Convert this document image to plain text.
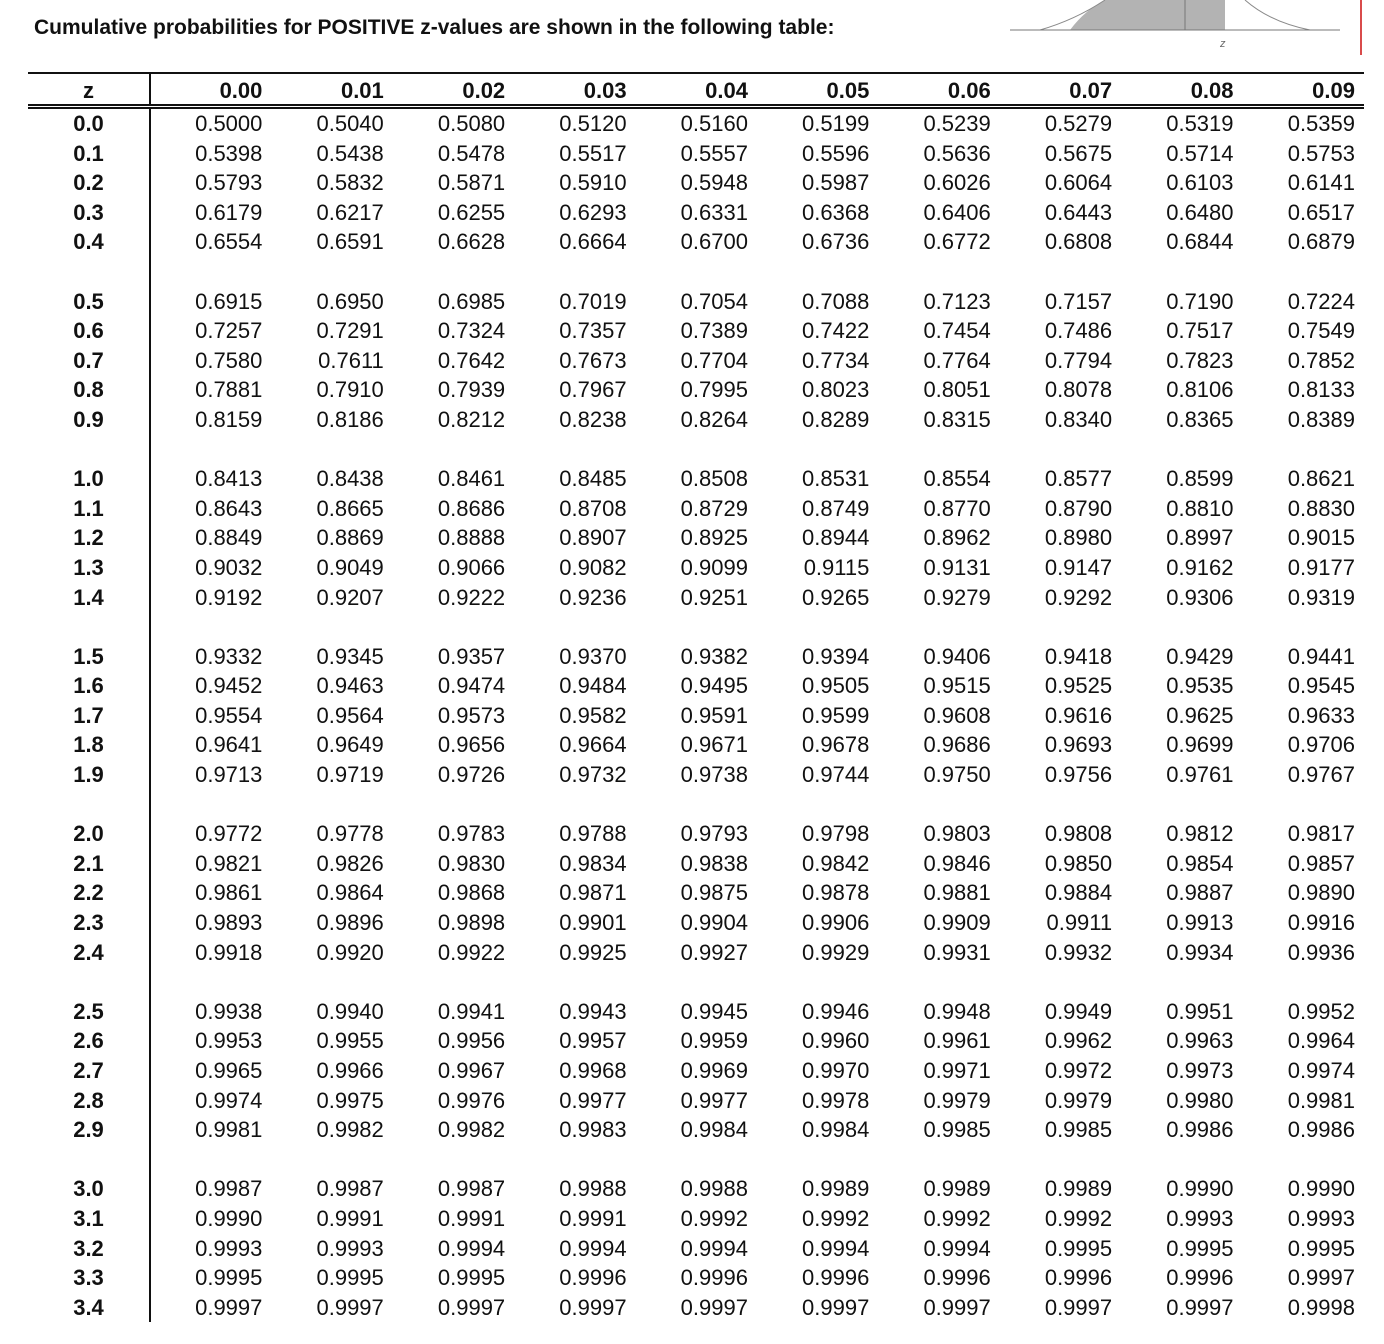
Cumulative probabilities for POSITIVE z-values are shown in the following table:
z
z	0.00	0.01	0.02	0.03	0.04	0.05	0.06	0.07	0.08	0.09
0.0	0.5000	0.5040	0.5080	0.5120	0.5160	0.5199	0.5239	0.5279	0.5319	0.5359
0.1	0.5398	0.5438	0.5478	0.5517	0.5557	0.5596	0.5636	0.5675	0.5714	0.5753
0.2	0.5793	0.5832	0.5871	0.5910	0.5948	0.5987	0.6026	0.6064	0.6103	0.6141
0.3	0.6179	0.6217	0.6255	0.6293	0.6331	0.6368	0.6406	0.6443	0.6480	0.6517
0.4	0.6554	0.6591	0.6628	0.6664	0.6700	0.6736	0.6772	0.6808	0.6844	0.6879

0.5	0.6915	0.6950	0.6985	0.7019	0.7054	0.7088	0.7123	0.7157	0.7190	0.7224
0.6	0.7257	0.7291	0.7324	0.7357	0.7389	0.7422	0.7454	0.7486	0.7517	0.7549
0.7	0.7580	0.7611	0.7642	0.7673	0.7704	0.7734	0.7764	0.7794	0.7823	0.7852
0.8	0.7881	0.7910	0.7939	0.7967	0.7995	0.8023	0.8051	0.8078	0.8106	0.8133
0.9	0.8159	0.8186	0.8212	0.8238	0.8264	0.8289	0.8315	0.8340	0.8365	0.8389

1.0	0.8413	0.8438	0.8461	0.8485	0.8508	0.8531	0.8554	0.8577	0.8599	0.8621
1.1	0.8643	0.8665	0.8686	0.8708	0.8729	0.8749	0.8770	0.8790	0.8810	0.8830
1.2	0.8849	0.8869	0.8888	0.8907	0.8925	0.8944	0.8962	0.8980	0.8997	0.9015
1.3	0.9032	0.9049	0.9066	0.9082	0.9099	0.9115	0.9131	0.9147	0.9162	0.9177
1.4	0.9192	0.9207	0.9222	0.9236	0.9251	0.9265	0.9279	0.9292	0.9306	0.9319

1.5	0.9332	0.9345	0.9357	0.9370	0.9382	0.9394	0.9406	0.9418	0.9429	0.9441
1.6	0.9452	0.9463	0.9474	0.9484	0.9495	0.9505	0.9515	0.9525	0.9535	0.9545
1.7	0.9554	0.9564	0.9573	0.9582	0.9591	0.9599	0.9608	0.9616	0.9625	0.9633
1.8	0.9641	0.9649	0.9656	0.9664	0.9671	0.9678	0.9686	0.9693	0.9699	0.9706
1.9	0.9713	0.9719	0.9726	0.9732	0.9738	0.9744	0.9750	0.9756	0.9761	0.9767

2.0	0.9772	0.9778	0.9783	0.9788	0.9793	0.9798	0.9803	0.9808	0.9812	0.9817
2.1	0.9821	0.9826	0.9830	0.9834	0.9838	0.9842	0.9846	0.9850	0.9854	0.9857
2.2	0.9861	0.9864	0.9868	0.9871	0.9875	0.9878	0.9881	0.9884	0.9887	0.9890
2.3	0.9893	0.9896	0.9898	0.9901	0.9904	0.9906	0.9909	0.9911	0.9913	0.9916
2.4	0.9918	0.9920	0.9922	0.9925	0.9927	0.9929	0.9931	0.9932	0.9934	0.9936

2.5	0.9938	0.9940	0.9941	0.9943	0.9945	0.9946	0.9948	0.9949	0.9951	0.9952
2.6	0.9953	0.9955	0.9956	0.9957	0.9959	0.9960	0.9961	0.9962	0.9963	0.9964
2.7	0.9965	0.9966	0.9967	0.9968	0.9969	0.9970	0.9971	0.9972	0.9973	0.9974
2.8	0.9974	0.9975	0.9976	0.9977	0.9977	0.9978	0.9979	0.9979	0.9980	0.9981
2.9	0.9981	0.9982	0.9982	0.9983	0.9984	0.9984	0.9985	0.9985	0.9986	0.9986

3.0	0.9987	0.9987	0.9987	0.9988	0.9988	0.9989	0.9989	0.9989	0.9990	0.9990
3.1	0.9990	0.9991	0.9991	0.9991	0.9992	0.9992	0.9992	0.9992	0.9993	0.9993
3.2	0.9993	0.9993	0.9994	0.9994	0.9994	0.9994	0.9994	0.9995	0.9995	0.9995
3.3	0.9995	0.9995	0.9995	0.9996	0.9996	0.9996	0.9996	0.9996	0.9996	0.9997
3.4	0.9997	0.9997	0.9997	0.9997	0.9997	0.9997	0.9997	0.9997	0.9997	0.9998
